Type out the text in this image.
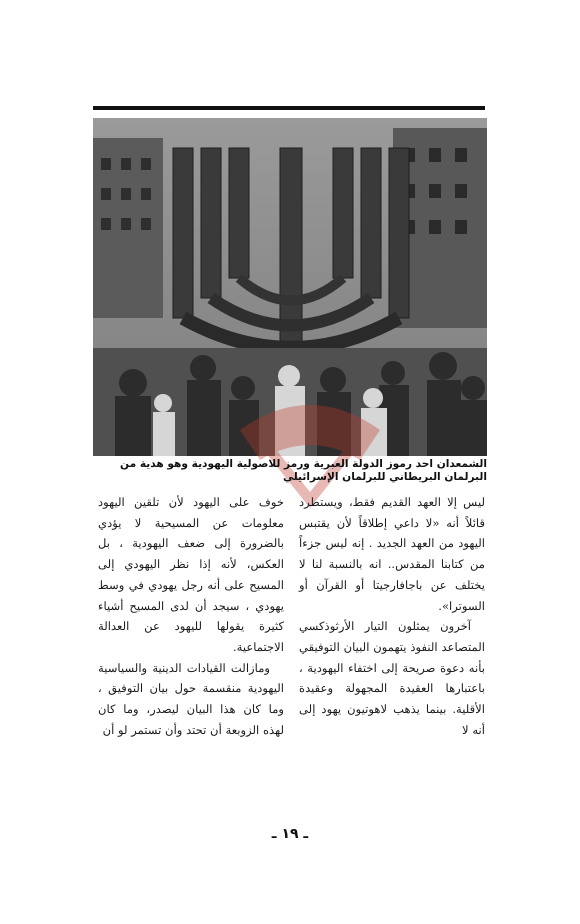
الشمعدان احد رموز الدولة العبرية ورمز للاصولية اليهودية وهو هدية من البرلمان البريطاني للبرلمان الإسرائيلي

ليس إلا العهد القديم فقط، ويستطرد قائلاً أنه «لا داعي إطلاقاً لأن يقتبس اليهود من العهد الجديد . إنه ليس جزءاً من كتابنا المقدس.. انه بالنسبة لنا لا يختلف عن باجافارجيتا أو القرآن أو السوترا».

آخرون يمثلون التيار الأرثوذكسي المتصاعد النفوذ يتهمون البيان التوفيقي بأنه دعوة صريحة إلى اختفاء اليهودية ، باعتبارها العقيدة المجهولة وعقيدة الأقلية. بينما يذهب لاهوتيون يهود إلى أنه لا

خوف على اليهود لأن تلقين اليهود معلومات عن المسيحية لا يؤدي بالضرورة إلى ضعف اليهودية ، بل العكس، لأنه إذا نظر اليهودي إلى المسيح على أنه رجل يهودي في وسط يهودي ، سيجد أن لدى المسيح أشياء كثيرة يقولها لليهود عن العدالة الاجتماعية.

ومازالت القيادات الدينية والسياسية اليهودية منقسمة حول بيان التوفيق ، وما كان هذا البيان ليصدر، وما كان لهذه الزوبعة أن تحتد وأن تستمر لو أن

ـ ١٩ ـ
